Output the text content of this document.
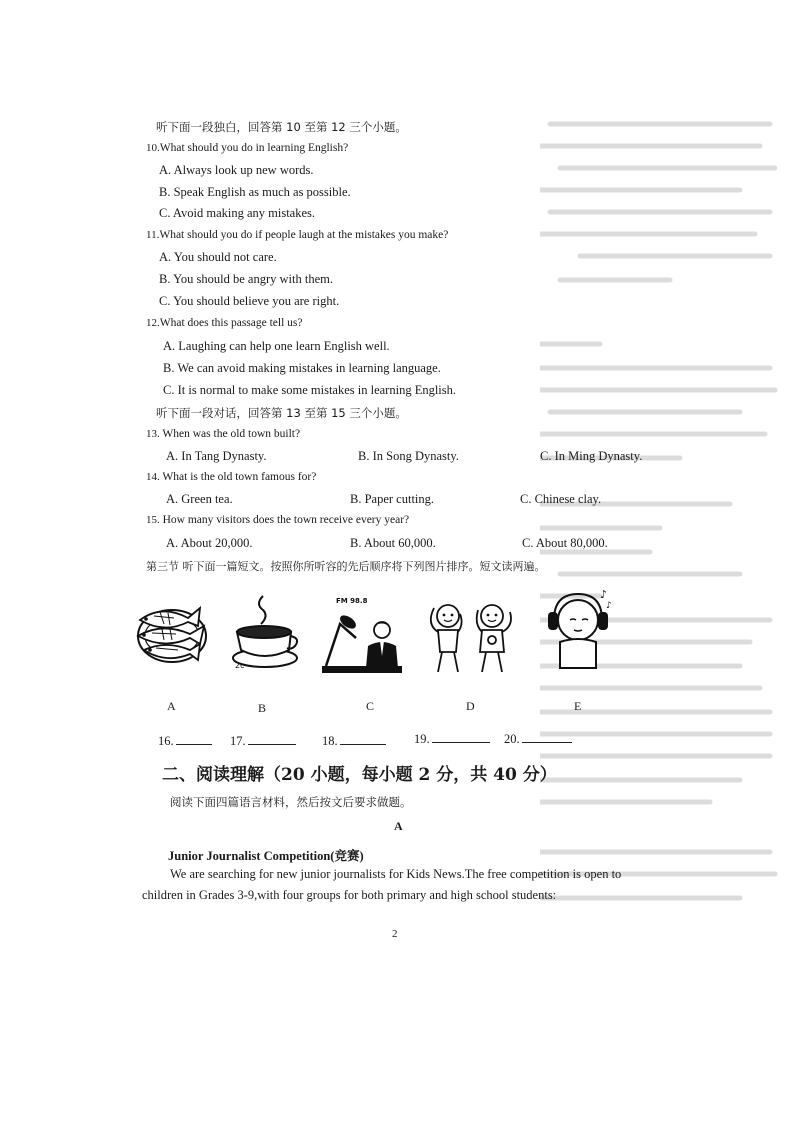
听下面一段独白，回答第 10 至第 12 三个小题。
10.What should you do in learning English?
A. Always look up new words.
B. Speak English as much as possible.
C. Avoid making any mistakes.
11.What should you do if people laugh at the mistakes you make?
A. You should not care.
B. You should be angry with them.
C. You should believe you are right.
12.What does this passage tell us?
A. Laughing can help one learn English well.
B. We can avoid making mistakes in learning language.
C. It is normal to make some mistakes in learning English.
听下面一段对话，回答第 13 至第 15 三个小题。
13. When was the old town built?
A. In Tang Dynasty.	B. In Song Dynasty.	C. In Ming Dynasty.
14. What is the old town famous for?
A. Green tea.	B. Paper cutting.	C. Chinese clay.
15. How many visitors does the town receive every year?
A. About 20,000.	B. About 60,000.	C. About 80,000.
第三节 听下面一篇短文。按照你所听容的先后顺序将下列图片排序。短文读两遍。
2c
FM 98.8	♪
♪
A	B	C	D	E
16.	17.	18.	19.	20.
二、阅读理解（20 小题，每小题 2 分，共 40 分）
阅读下面四篇语言材料，然后按文后要求做题。
A
Junior Journalist Competition(竞赛)
We are searching for new junior journalists for Kids News.The free competition is open to
children in Grades 3-9,with four groups for both primary and high school students:
2
